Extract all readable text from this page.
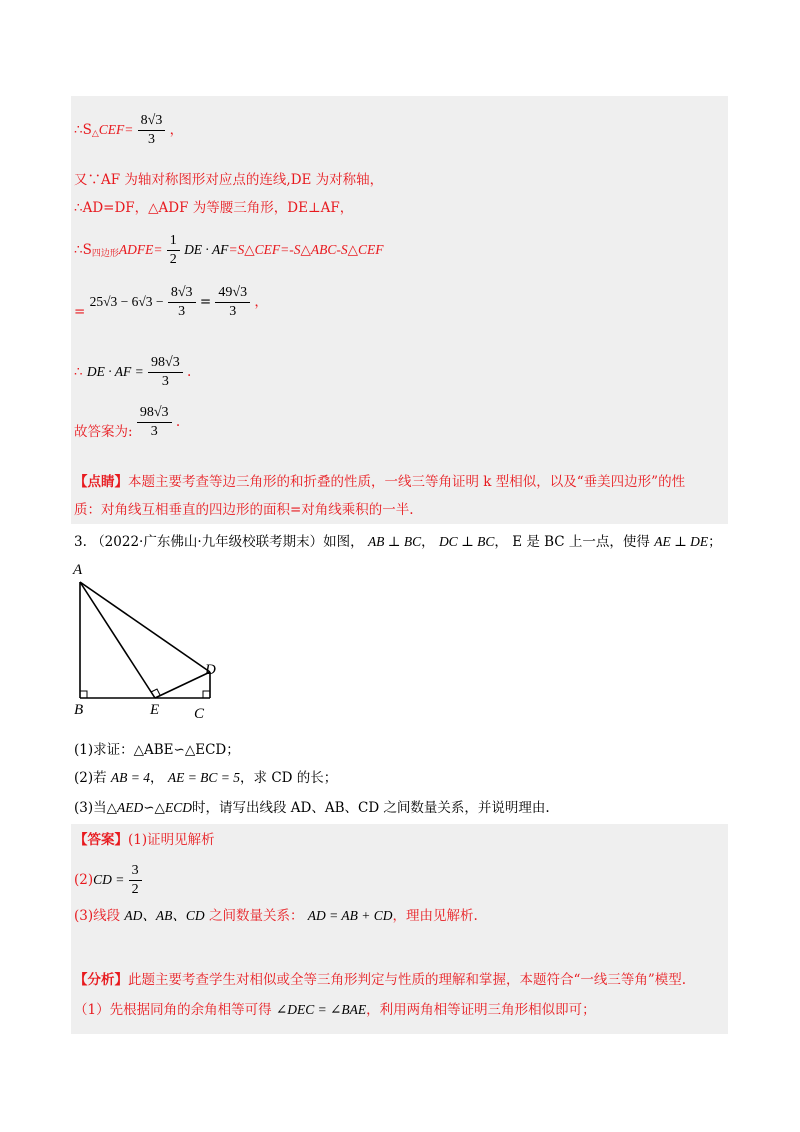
$\therefore S_\triangle CEF= \frac{8√3}{3}$ ，
又∵AF 为轴对称图形对应点的连线,DE 为对称轴，
∴AD=DF，△ADF 为等腰三角形，DE⊥AF，
$\therefore S_{四边形}ADFE= \frac{1}{2}$ DE · AF=S△CEF=-S△ABC-S△CEF
= $25√3 - 6√3 - \frac{8√3}{3} = \frac{49√3}{3}$ ，
∴ DE · AF = $\frac{98√3}{3}$ .
故答案为: $\frac{98√3}{3}$ .
【点睛】本题主要考查等边三角形的和折叠的性质，一线三等角证明 k 型相似，以及“垂美四边形”的性
质：对角线互相垂直的四边形的面积=对角线乘积的一半.
3. （2022·广东佛山·九年级校联考期末）如图， AB ⊥ BC， DC ⊥ BC， E 是 BC 上一点，使得 AE ⊥ DE；
A
B	E C
D
(1)求证：△ABE∽△ECD；
(2)若 AB = 4， AE = BC = 5，求 CD 的长；
(3)当△AED∽△ECD时，请写出线段 AD、AB、CD 之间数量关系，并说明理由.
【答案】(1)证明见解析
$(2)CD = \frac{3}{2}$
(3)线段 AD、AB、CD 之间数量关系： AD = AB + CD，理由见解析.
【分析】此题主要考查学生对相似或全等三角形判定与性质的理解和掌握，本题符合“一线三等角”模型.
（1）先根据同角的余角相等可得 ∠DEC = ∠BAE，利用两角相等证明三角形相似即可；
